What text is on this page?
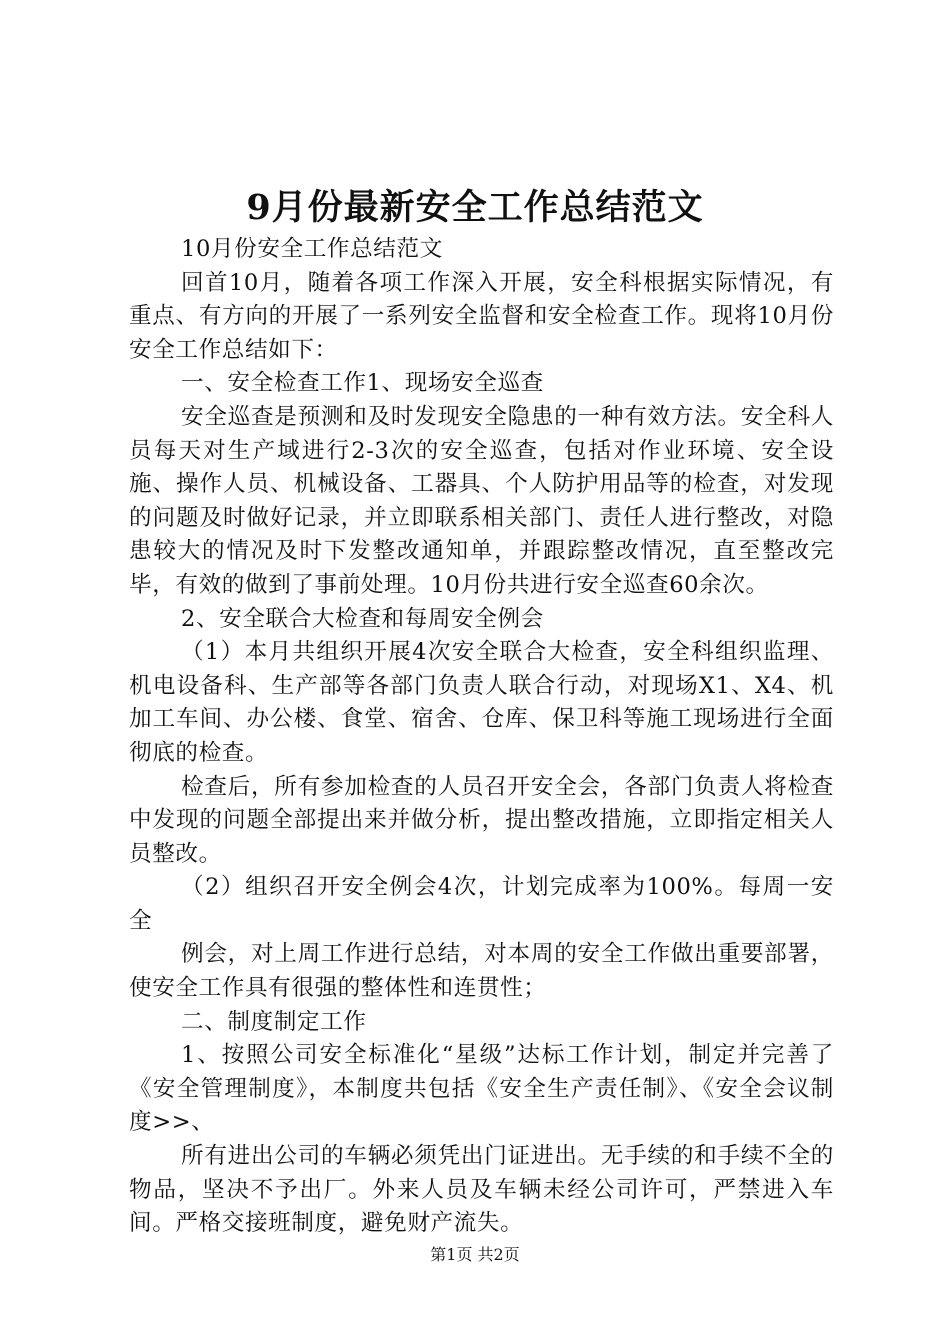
9月份最新安全工作总结范文

10月份安全工作总结范文

回首10月，随着各项工作深入开展，安全科根据实际情况，有重点、有方向的开展了一系列安全监督和安全检查工作。现将10月份安全工作总结如下：

一、安全检查工作1、现场安全巡查

安全巡查是预测和及时发现安全隐患的一种有效方法。安全科人员每天对生产域进行2-3次的安全巡查，包括对作业环境、安全设施、操作人员、机械设备、工器具、个人防护用品等的检查，对发现的问题及时做好记录，并立即联系相关部门、责任人进行整改，对隐患较大的情况及时下发整改通知单，并跟踪整改情况，直至整改完毕，有效的做到了事前处理。10月份共进行安全巡查60余次。

2、安全联合大检查和每周安全例会

（1）本月共组织开展4次安全联合大检查，安全科组织监理、机电设备科、生产部等各部门负责人联合行动，对现场X1、X4、机加工车间、办公楼、食堂、宿舍、仓库、保卫科等施工现场进行全面彻底的检查。

检查后，所有参加检查的人员召开安全会，各部门负责人将检查中发现的问题全部提出来并做分析，提出整改措施，立即指定相关人员整改。

（2）组织召开安全例会4次，计划完成率为100%。每周一安全

例会，对上周工作进行总结，对本周的安全工作做出重要部署，使安全工作具有很强的整体性和连贯性；

二、制度制定工作

1、按照公司安全标准化“星级”达标工作计划，制定并完善了《安全管理制度》，本制度共包括《安全生产责任制》、《安全会议制度>>、

所有进出公司的车辆必须凭出门证进出。无手续的和手续不全的物品，坚决不予出厂。外来人员及车辆未经公司许可，严禁进入车间。严格交接班制度，避免财产流失。

第1页 共2页
